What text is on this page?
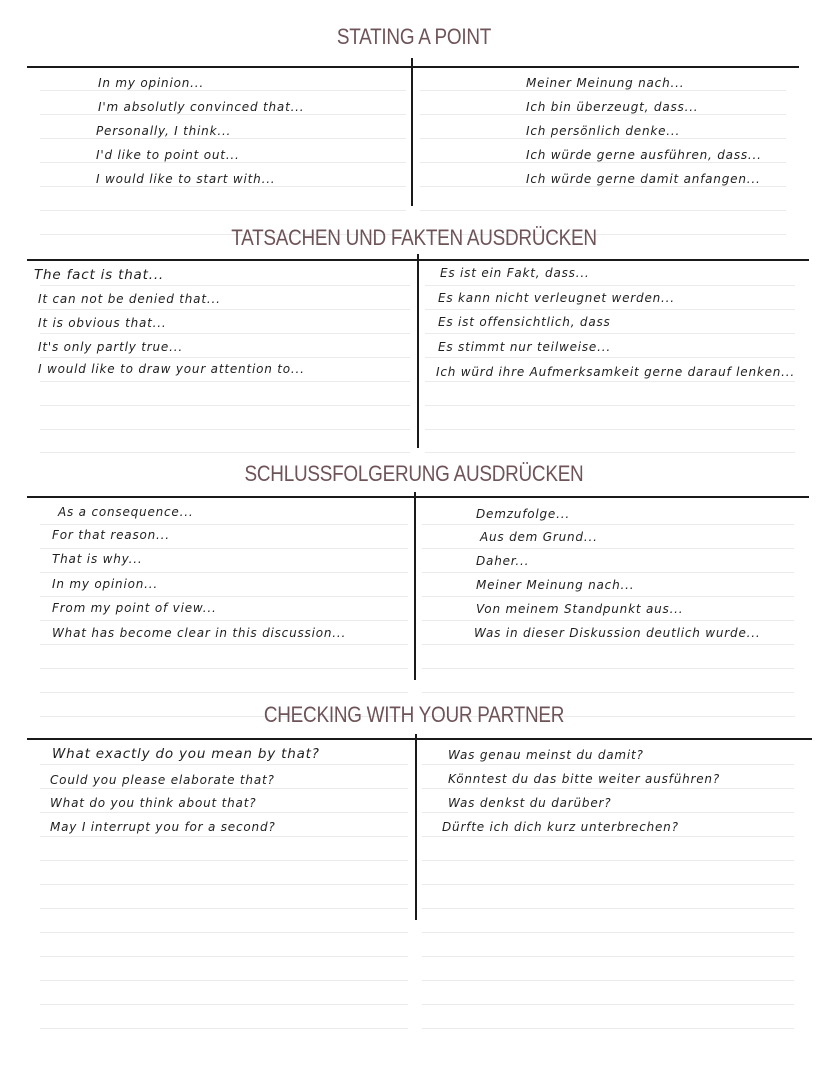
STATING A POINT
In my opinion...
I'm absolutly convinced that...
Personally, I think...
I'd like to point out...
I would like to start with...
Meiner Meinung nach...
Ich bin überzeugt, dass...
Ich persönlich denke...
Ich würde gerne ausführen, dass...
Ich würde gerne damit anfangen...
TATSACHEN UND FAKTEN AUSDRÜCKEN
The fact is that...
It can not be denied that...
It is obvious that...
It's only partly true...
I would like to draw your attention to...
Es ist ein Fakt, dass...
Es kann nicht verleugnet werden...
Es ist offensichtlich, dass
Es stimmt nur teilweise...
Ich würd ihre Aufmerksamkeit gerne darauf lenken...
SCHLUSSFOLGERUNG AUSDRÜCKEN
As a consequence...
For that reason...
That is why...
In my opinion...
From my point of view...
What has become clear in this discussion...
Demzufolge...
Aus dem Grund...
Daher...
Meiner Meinung nach...
Von meinem Standpunkt aus...
Was in dieser Diskussion deutlich wurde...
CHECKING WITH YOUR PARTNER
What exactly do you mean by that?
Could you please elaborate that?
What do you think about that?
May I interrupt you for a second?
Was genau meinst du damit?
Könntest du das bitte weiter ausführen?
Was denkst du darüber?
Dürfte ich dich kurz unterbrechen?
